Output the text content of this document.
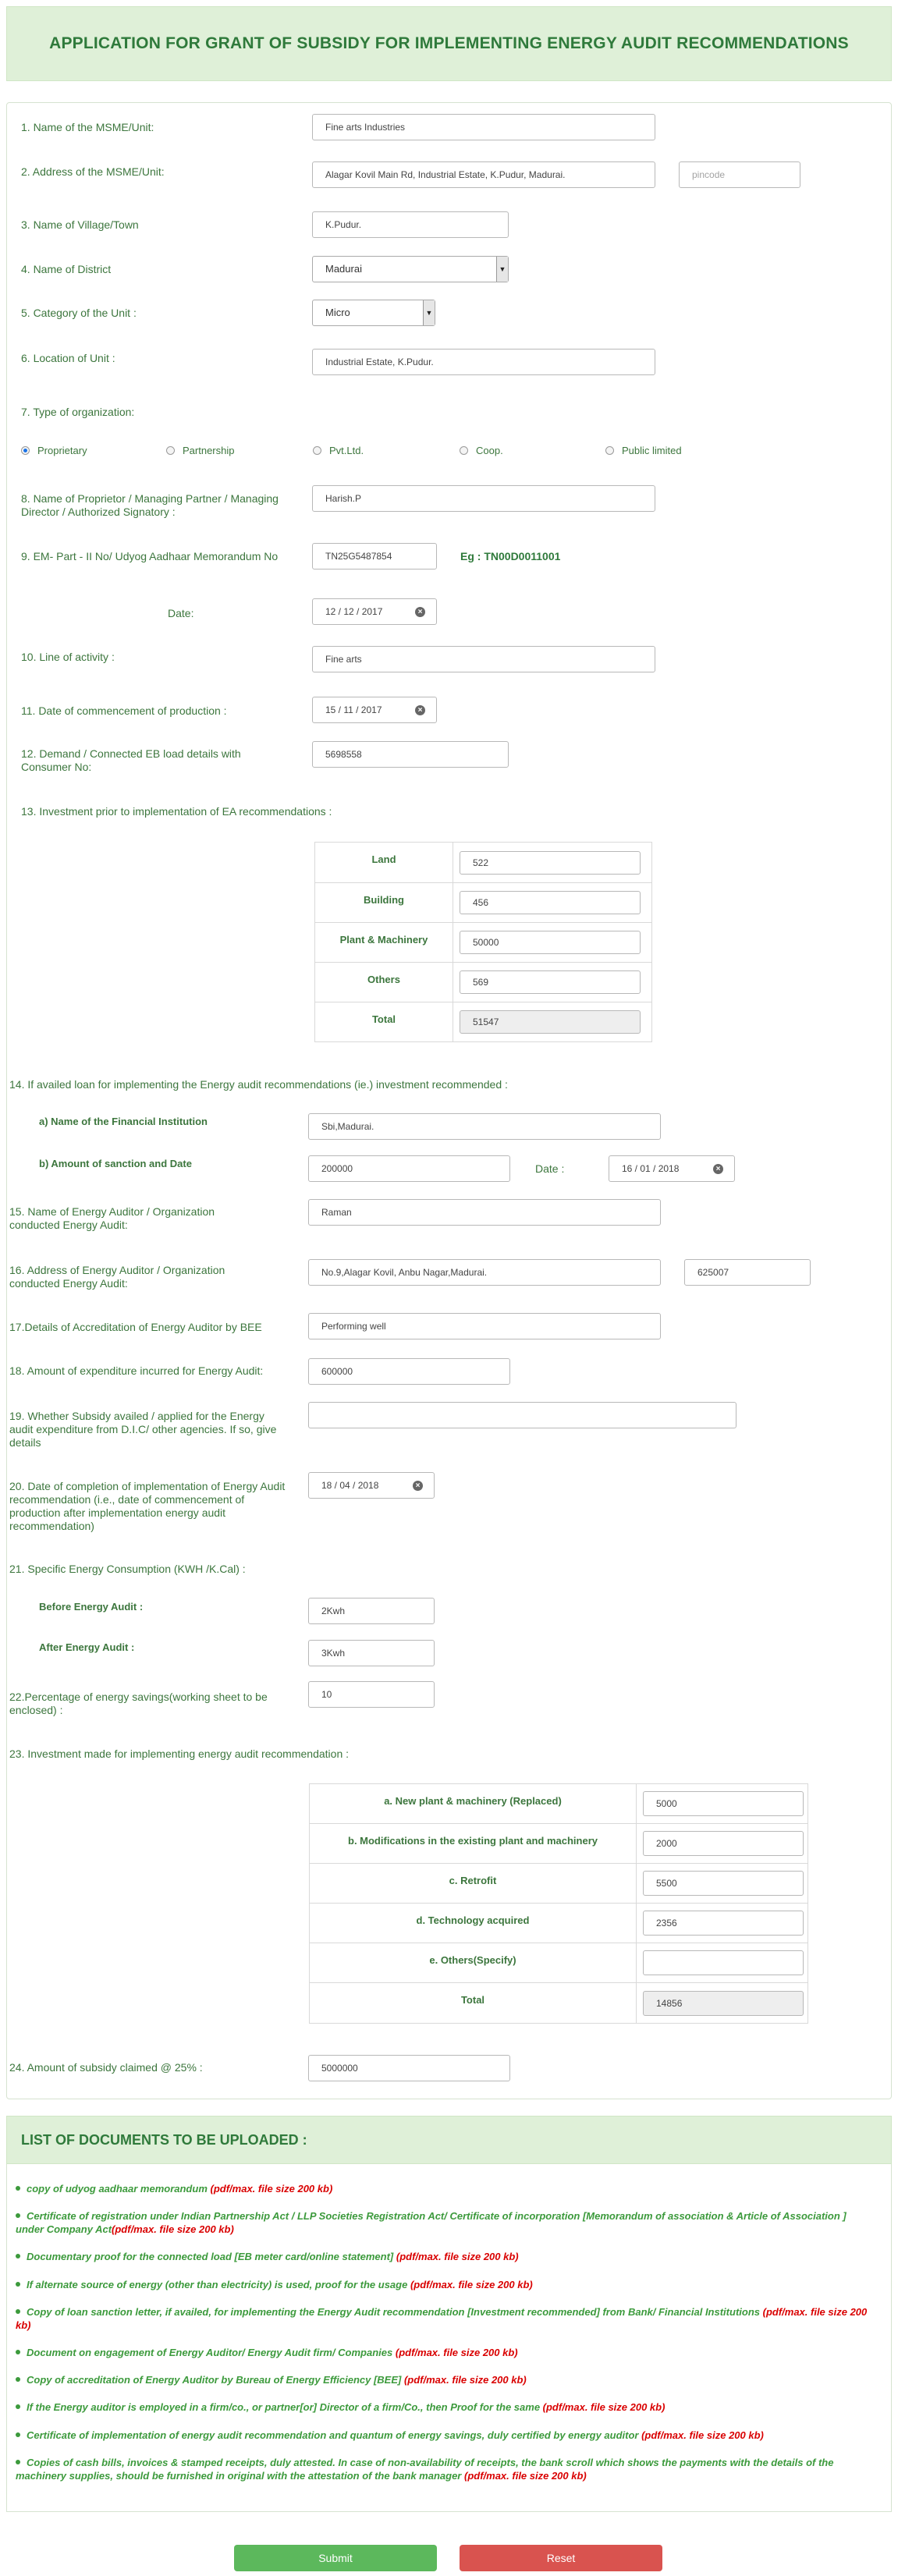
APPLICATION FOR GRANT OF SUBSIDY FOR IMPLEMENTING ENERGY AUDIT RECOMMENDATIONS
1. Name of the MSME/Unit:	Fine arts Industries
2. Address of the MSME/Unit:	Alagar Kovil Main Rd, Industrial Estate, K.Pudur, Madurai.	pincode
3. Name of Village/Town	K.Pudur.
4. Name of District	Madurai	▼
5. Category of the Unit :	Micro	▼
6. Location of Unit :	Industrial Estate, K.Pudur.
7. Type of organization:
Proprietary	Partnership	Pvt.Ltd.	Coop.	Public limited
8. Name of Proprietor / Managing Partner / Managing Director / Authorized Signatory :
Harish.P
9. EM- Part - II No/ Udyog Aadhaar Memorandum No	TN25G5487854	Eg : TN00D0011001
Date:	12 / 12 / 2017	×
10. Line of activity :	Fine arts
11. Date of commencement of production :	15 / 11 / 2017	×
12. Demand / Connected EB load details with Consumer No:
5698558
13. Investment prior to implementation of EA recommendations :
Land	522

Building	456

Plant & Machinery	50000

Others	569

Total	51547
14. If availed loan for implementing the Energy audit recommendations (ie.) investment recommended :
a) Name of the Financial Institution	Sbi,Madurai.
b) Amount of sanction and Date	200000	Date :	16 / 01 / 2018	×
15. Name of Energy Auditor / Organization conducted Energy Audit:
Raman
16. Address of Energy Auditor / Organization conducted Energy Audit:
No.9,Alagar Kovil, Anbu Nagar,Madurai.	625007
17.Details of Accreditation of Energy Auditor by BEE	Performing well
18. Amount of expenditure incurred for Energy Audit:	600000
19. Whether Subsidy availed / applied for the Energy audit expenditure from D.I.C/ other agencies. If so, give details
20. Date of completion of implementation of Energy Audit recommendation (i.e., date of commencement of production after implementation energy audit recommendation)
18 / 04 / 2018	×
21. Specific Energy Consumption (KWH /K.Cal) :
Before Energy Audit :	2Kwh
After Energy Audit :	3Kwh
22.Percentage of energy savings(working sheet to be enclosed) :
10
23. Investment made for implementing energy audit recommendation :
a. New plant & machinery (Replaced)	5000

b. Modifications in the existing plant and machinery	2000

c. Retrofit	5500

d. Technology acquired	2356

e. Others(Specify)	

Total	14856
24. Amount of subsidy claimed @ 25% :	5000000
LIST OF DOCUMENTS TO BE UPLOADED :
copy of udyog aadhaar memorandum (pdf/max. file size 200 kb)
Certificate of registration under Indian Partnership Act / LLP Societies Registration Act/ Certificate of incorporation [Memorandum of association & Article of Association ] under Company Act(pdf/max. file size 200 kb)
Documentary proof for the connected load [EB meter card/online statement] (pdf/max. file size 200 kb)
If alternate source of energy (other than electricity) is used, proof for the usage (pdf/max. file size 200 kb)
Copy of loan sanction letter, if availed, for implementing the Energy Audit recommendation [Investment recommended] from Bank/ Financial Institutions (pdf/max. file size 200 kb)
Document on engagement of Energy Auditor/ Energy Audit firm/ Companies (pdf/max. file size 200 kb)
Copy of accreditation of Energy Auditor by Bureau of Energy Efficiency [BEE] (pdf/max. file size 200 kb)
If the Energy auditor is employed in a firm/co., or partner[or] Director of a firm/Co., then Proof for the same (pdf/max. file size 200 kb)
Certificate of implementation of energy audit recommendation and quantum of energy savings, duly certified by energy auditor (pdf/max. file size 200 kb)
Copies of cash bills, invoices & stamped receipts, duly attested. In case of non-availability of receipts, the bank scroll which shows the payments with the details of the machinery supplies, should be furnished in original with the attestation of the bank manager (pdf/max. file size 200 kb)
Submit	Reset
